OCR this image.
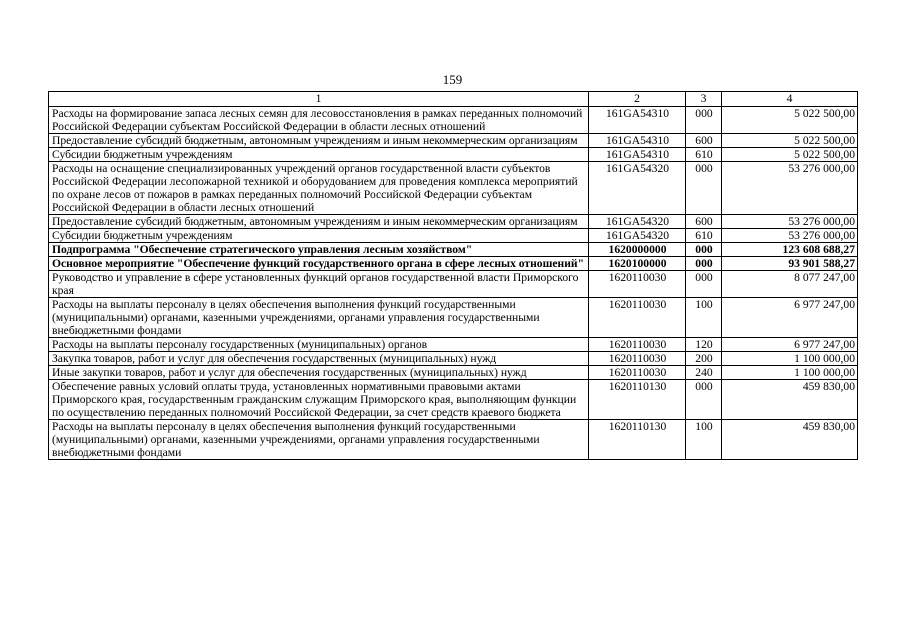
159
1	2	3	4
Расходы на формирование запаса лесных семян для лесовосстановления в рамках переданных полномочий Российской Федерации субъектам Российской Федерации в области лесных отношений	161GA54310	000	5 022 500,00
Предоставление субсидий бюджетным, автономным учреждениям и иным некоммерческим организациям	161GA54310	600	5 022 500,00
Субсидии бюджетным учреждениям	161GA54310	610	5 022 500,00
Расходы на оснащение специализированных учреждений органов государственной власти субъектов Российской Федерации лесопожарной техникой и оборудованием для проведения комплекса мероприятий по охране лесов от пожаров в рамках переданных полномочий Российской Федерации субъектам Российской Федерации в области лесных отношений	161GA54320	000	53 276 000,00
Предоставление субсидий бюджетным, автономным учреждениям и иным некоммерческим организациям	161GA54320	600	53 276 000,00
Субсидии бюджетным учреждениям	161GA54320	610	53 276 000,00
Подпрограмма "Обеспечение стратегического управления лесным хозяйством"	1620000000	000	123 608 688,27
Основное мероприятие "Обеспечение функций государственного органа в сфере лесных отношений"	1620100000	000	93 901 588,27
Руководство и управление в сфере установленных функций органов государственной власти Приморского края	1620110030	000	8 077 247,00
Расходы на выплаты персоналу в целях обеспечения выполнения функций государственными (муниципальными) органами, казенными учреждениями, органами управления государственными внебюджетными фондами	1620110030	100	6 977 247,00
Расходы на выплаты персоналу государственных (муниципальных) органов	1620110030	120	6 977 247,00
Закупка товаров, работ и услуг для обеспечения государственных (муниципальных) нужд	1620110030	200	1 100 000,00
Иные закупки товаров, работ и услуг для обеспечения государственных (муниципальных) нужд	1620110030	240	1 100 000,00
Обеспечение равных условий оплаты труда, установленных нормативными правовыми актами Приморского края, государственным гражданским служащим Приморского края, выполняющим функции по осуществлению переданных полномочий Российской Федерации, за счет средств краевого бюджета	1620110130	000	459 830,00
Расходы на выплаты персоналу в целях обеспечения выполнения функций государственными (муниципальными) органами, казенными учреждениями, органами управления государственными внебюджетными фондами	1620110130	100	459 830,00
